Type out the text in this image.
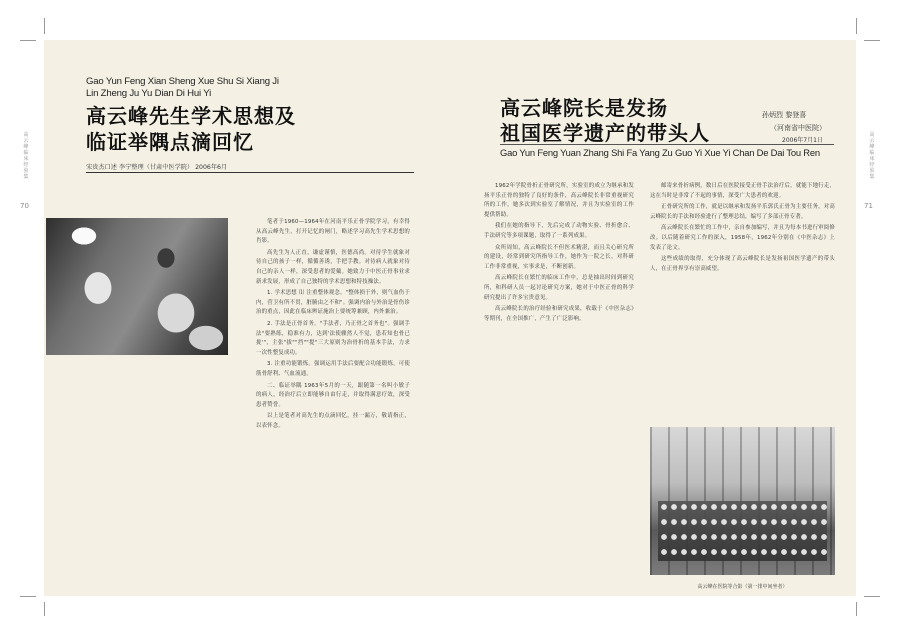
高云峰临床经验集
高云峰临床经验集
70	71
Gao Yun Feng Xian Sheng Xue Shu Si Xiang Ji Lin Zheng Ju Yu Dian Di Hui Yi
高云峰先生学术思想及
临证举隅点滴回忆
宋贵杰口述 李宁整理（甘肃中医学院） 2006年6月

笔者于1960—1964年在河南平乐正骨学院学习，有幸得从高云峰先生，打开记忆的闸门，略述学习高先生学术思想的肖影。

高先生为人正直，谦虚谨慎，医德高尚。对待学生就象对待自己的孩子一样，循循善诱，手把手教。对待病人就象对待自己的亲人一样，深受患者的爱戴。她致力于中医正骨事业求新求发展，形成了自己独特的学术思想和特技操法。

1. 学术思想 ⑴ 注重整体观念。"整体损于外，则气血伤于内，营卫有所不贯，脏腑由之不和"。强调内治与外治是骨伤诊治的重点，因此在临床辨证施治上要统筹兼顾，内外兼治。

2. 手法是正骨首务。"手法者，乃正骨之首务也"。强调手法"要熟练，稳准有力，达到'法使骤然人不觉，患若知也骨已拢'"，主张"拔""挡""提"三大原则为治骨折的基本手法，力求一次性整复成功。

3. 注重功能锻炼。强调运用手法后要配合功能锻炼，可使筋骨舒利、气血流通。

二、临证举隅 1963年5月的一天，跟随第一名叫小敏子的病人，经治疗后立即能够自由行走，并取得满意疗效，深受患者赞誉。

以上是笔者对高先生的点滴回忆，挂一漏万，敬请指正，以表怀念。

高云峰院长是发扬
祖国医学遗产的带头人
孙炳烈 黎登喜
（河南省中医院）
2006年7月1日
Gao Yun Feng Yuan Zhang Shi Fa Yang Zu Guo Yi Xue Yi Chan De Dai Tou Ren

1962年学院骨折正骨研究所，实验室的成立为继承和发扬平乐正骨的独特了良好的条件，高云峰院长非常重视研究所的工作，她多次到实验室了解情况，并且为实验室的工作提供帮助。

我们在她的指导下，先后完成了动物实验、骨折愈合、手法研究等多项课题，取得了一系列成果。

众所周知，高云峰院长不但医术精湛，而且关心研究所的建设，经常到研究所指导工作，她作为一院之长，对科研工作非常重视，实事求是，不断创新。

高云峰院长在繁忙的临床工作中，总是抽出时间到研究所，和科研人员一起讨论研究方案，她对于中医正骨的科学研究提出了许多宝贵意见。

高云峰院长的治疗经验和研究成果，收载于《中医杂志》等期刊，在全国推广，产生了广泛影响。

邮寄来骨折病例，数日后在医院接受正骨手法治疗后，就能下地行走，这在当时是非常了不起的事情，深受广大患者的欢迎。

正骨研究所的工作，就是以继承和发扬平乐郭氏正骨为主要任务，对高云峰院长的手法和经验进行了整理总结，编写了多部正骨专著。

高云峰院长在繁忙的工作中，亲自参加编写，并且为每本书进行审阅修改。以后随着研究工作的深入，1958年，1962年分别在《中医杂志》上发表了论文。

这些成绩的取得，充分体现了高云峰院长是发扬祖国医学遗产的带头人，在正骨界享有崇高威望。

高云峰在医院等合影（第一排中间坐者）
